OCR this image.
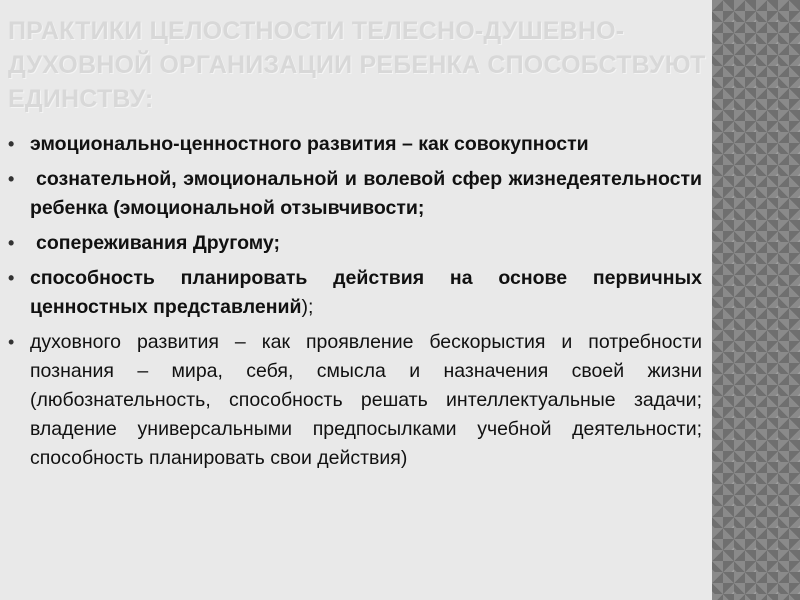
ПРАКТИКИ ЦЕЛОСТНОСТИ ТЕЛЕСНО-ДУШЕВНО-ДУХОВНОЙ ОРГАНИЗАЦИИ РЕБЕНКА СПОСОБСТВУЮТ ЕДИНСТВУ:
• эмоционально-ценностного развития – как совокупности
• сознательной, эмоциональной и волевой сфер жизнедеятельности ребенка (эмоциональной отзывчивости;
• сопереживания Другому;
• способность планировать действия на основе первичных ценностных представлений);
• духовного развития – как проявление бескорыстия и потребности познания – мира, себя, смысла и назначения своей жизни (любознательность, способность решать интеллектуальные задачи; владение универсальными предпосылками учебной деятельности; способность планировать свои действия)
